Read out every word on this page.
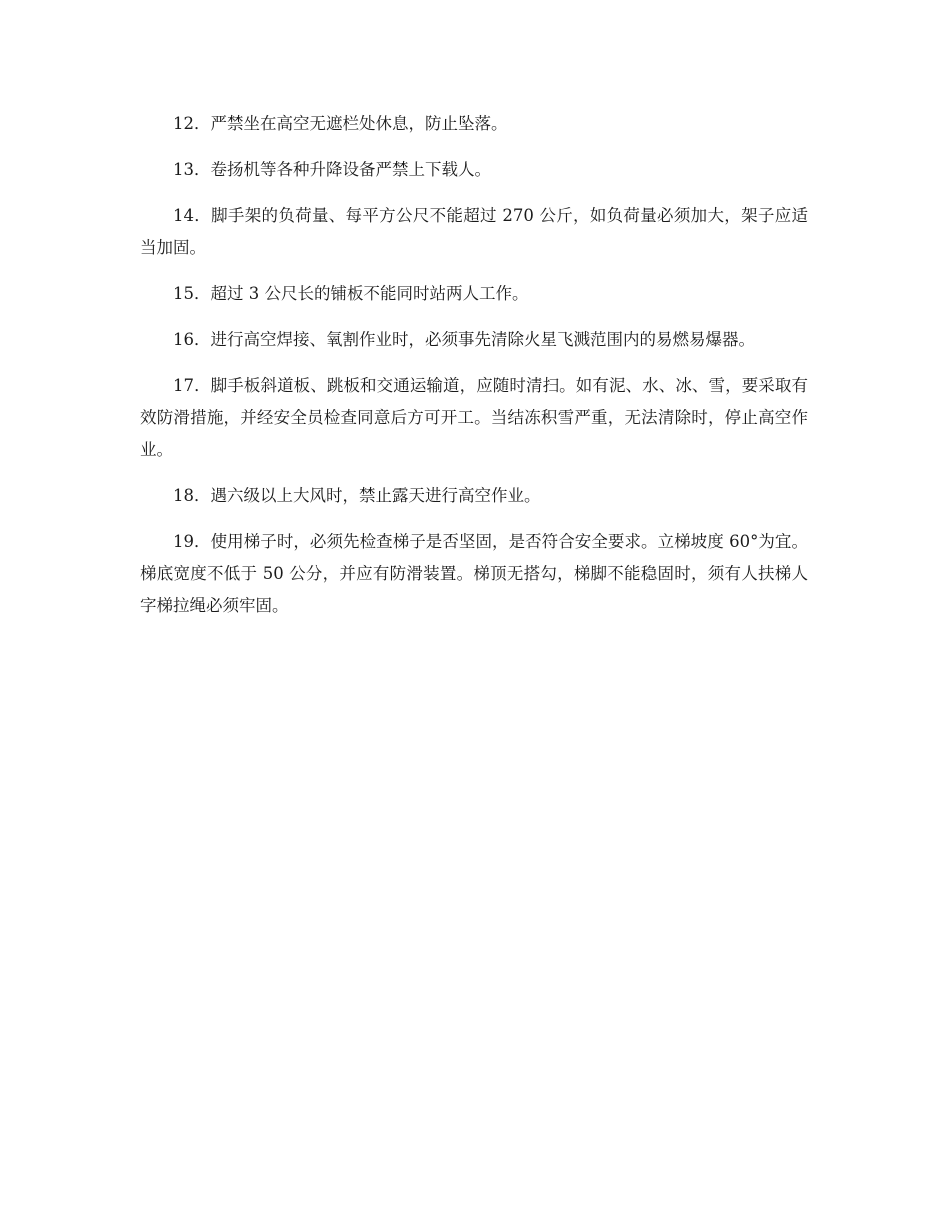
12．严禁坐在高空无遮栏处休息，防止坠落。

13．卷扬机等各种升降设备严禁上下载人。

14．脚手架的负荷量、每平方公尺不能超过 270 公斤，如负荷量必须加大，架子应适当加固。

15．超过 3 公尺长的铺板不能同时站两人工作。

16．进行高空焊接、氧割作业时，必须事先清除火星飞溅范围内的易燃易爆器。

17．脚手板斜道板、跳板和交通运输道，应随时清扫。如有泥、水、冰、雪，要采取有效防滑措施，并经安全员检查同意后方可开工。当结冻积雪严重，无法清除时，停止高空作业。

18．遇六级以上大风时，禁止露天进行高空作业。

19．使用梯子时，必须先检查梯子是否坚固，是否符合安全要求。立梯坡度 60°为宜。梯底宽度不低于 50 公分，并应有防滑装置。梯顶无搭勾，梯脚不能稳固时，须有人扶梯人字梯拉绳必须牢固。
